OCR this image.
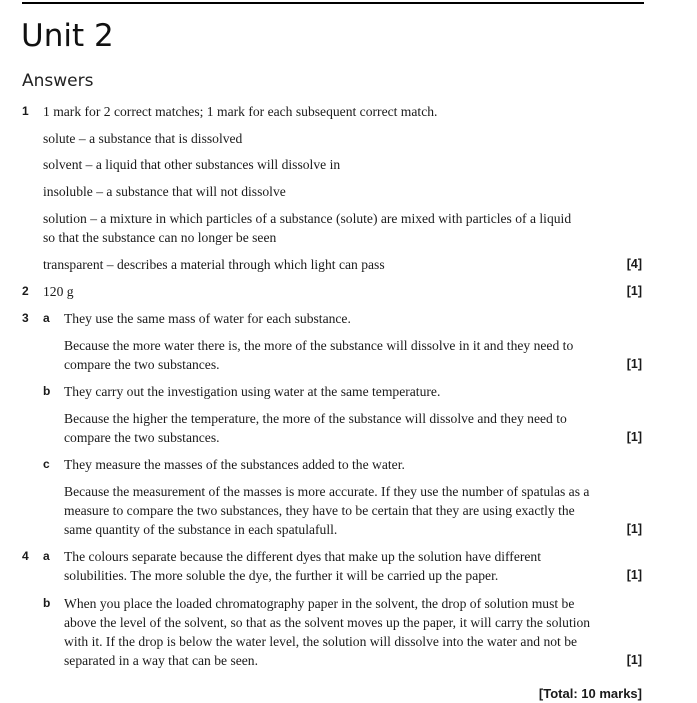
Unit 2
Answers
1 1 mark for 2 correct matches; 1 mark for each subsequent correct match.
solute – a substance that is dissolved
solvent – a liquid that other substances will dissolve in
insoluble – a substance that will not dissolve
solution – a mixture in which particles of a substance (solute) are mixed with particles of a liquid
so that the substance can no longer be seen
transparent – describes a material through which light can pass	[4]
2 120 g	[1]
3 a They use the same mass of water for each substance.
Because the more water there is, the more of the substance will dissolve in it and they need to
compare the two substances.	[1]
b They carry out the investigation using water at the same temperature.
Because the higher the temperature, the more of the substance will dissolve and they need to
compare the two substances.	[1]
c They measure the masses of the substances added to the water.
Because the measurement of the masses is more accurate. If they use the number of spatulas as a
measure to compare the two substances, they have to be certain that they are using exactly the
same quantity of the substance in each spatulafull.	[1]
4 a The colours separate because the different dyes that make up the solution have different
solubilities. The more soluble the dye, the further it will be carried up the paper.	[1]
b When you place the loaded chromatography paper in the solvent, the drop of solution must be
above the level of the solvent, so that as the solvent moves up the paper, it will carry the solution
with it. If the drop is below the water level, the solution will dissolve into the water and not be
separated in a way that can be seen.	[1]
[Total: 10 marks]
